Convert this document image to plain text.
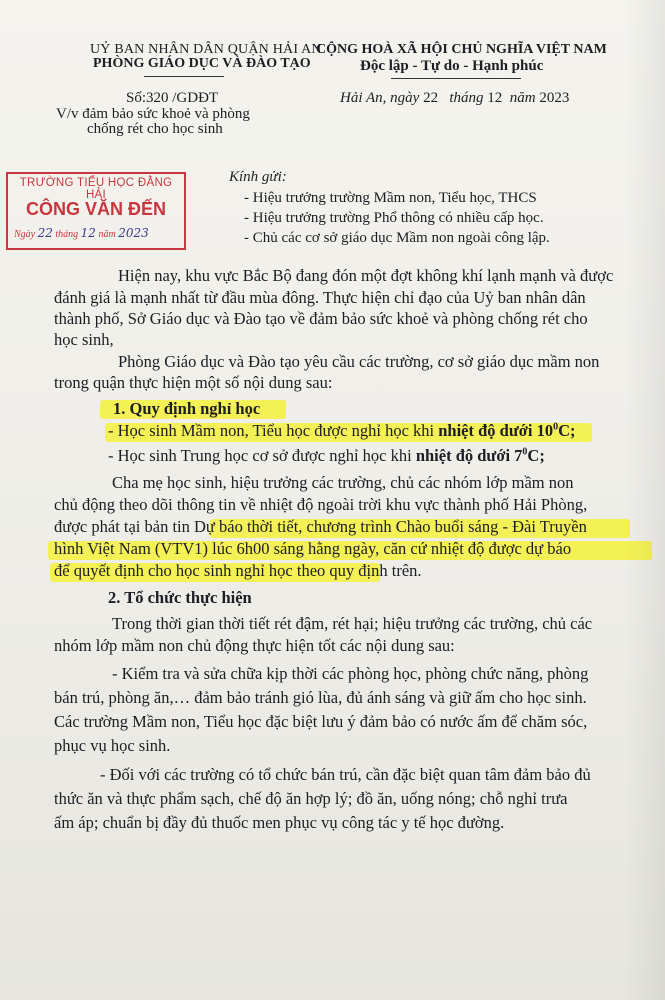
UỶ BAN NHÂN DÂN QUẬN HẢI AN
PHÒNG GIÁO DỤC VÀ ĐÀO TẠO
CỘNG HOÀ XÃ HỘI CHỦ NGHĨA VIỆT NAM
Độc lập - Tự do - Hạnh phúc
Số:320 /GDĐT
V/v đảm bảo sức khoẻ và phòng
chống rét cho học sinh
Hải An, ngày 22 tháng 12 năm 2023
TRƯỜNG TIỂU HỌC ĐẰNG HẢI
CÔNG VĂN ĐẾN
Ngày 22 tháng 12 năm 2023
Kính gửi:
- Hiệu trưởng trường Mầm non, Tiểu học, THCS
- Hiệu trưởng trường Phổ thông có nhiều cấp học.
- Chủ các cơ sở giáo dục Mầm non ngoài công lập.
Hiện nay, khu vực Bắc Bộ đang đón một đợt không khí lạnh mạnh và được
đánh giá là mạnh nhất từ đầu mùa đông. Thực hiện chỉ đạo của Uỷ ban nhân dân
thành phố, Sở Giáo dục và Đào tạo về đảm bảo sức khoẻ và phòng chống rét cho
học sinh,
Phòng Giáo dục và Đào tạo yêu cầu các trường, cơ sở giáo dục mầm non
trong quận thực hiện một số nội dung sau:
1. Quy định nghỉ học
- Học sinh Mầm non, Tiểu học được nghỉ học khi nhiệt độ dưới $10^0C$;
- Học sinh Trung học cơ sở được nghỉ học khi nhiệt độ dưới $7^0C$;
Cha mẹ học sinh, hiệu trưởng các trường, chủ các nhóm lớp mầm non
chủ động theo dõi thông tin về nhiệt độ ngoài trời khu vực thành phố Hải Phòng,
được phát tại bản tin Dự báo thời tiết, chương trình Chào buổi sáng - Đài Truyền
hình Việt Nam (VTV1) lúc 6h00 sáng hằng ngày, căn cứ nhiệt độ được dự báo
để quyết định cho học sinh nghỉ học theo quy định trên.
2. Tổ chức thực hiện
Trong thời gian thời tiết rét đậm, rét hại; hiệu trưởng các trường, chủ các
nhóm lớp mầm non chủ động thực hiện tốt các nội dung sau:
- Kiểm tra và sửa chữa kịp thời các phòng học, phòng chức năng, phòng
bán trú, phòng ăn,… đảm bảo tránh gió lùa, đủ ánh sáng và giữ ấm cho học sinh.
Các trường Mầm non, Tiểu học đặc biệt lưu ý đảm bảo có nước ấm để chăm sóc,
phục vụ học sinh.
- Đối với các trường có tổ chức bán trú, cần đặc biệt quan tâm đảm bảo đủ
thức ăn và thực phẩm sạch, chế độ ăn hợp lý; đồ ăn, uống nóng; chỗ nghỉ trưa
ấm áp; chuẩn bị đầy đủ thuốc men phục vụ công tác y tế học đường.
